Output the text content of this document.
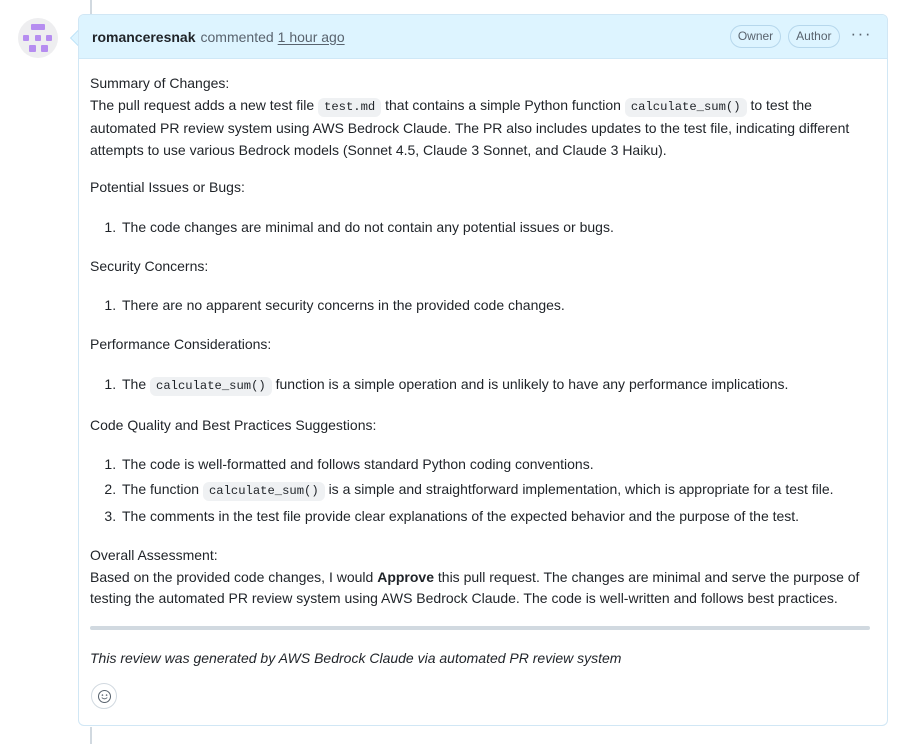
romanceresnak commented 1 hour ago	Owner	Author	···

Summary of Changes:

The pull request adds a new test file test.md that contains a simple Python function calculate_sum() to test the automated PR review system using AWS Bedrock Claude. The PR also includes updates to the test file, indicating different attempts to use various Bedrock models (Sonnet 4.5, Claude 3 Sonnet, and Claude 3 Haiku).

Potential Issues or Bugs:

1. The code changes are minimal and do not contain any potential issues or bugs.

Security Concerns:

1. There are no apparent security concerns in the provided code changes.

Performance Considerations:

1. The calculate_sum() function is a simple operation and is unlikely to have any performance implications.

Code Quality and Best Practices Suggestions:

1. The code is well-formatted and follows standard Python coding conventions.
2. The function calculate_sum() is a simple and straightforward implementation, which is appropriate for a test file.
3. The comments in the test file provide clear explanations of the expected behavior and the purpose of the test.

Overall Assessment:

Based on the provided code changes, I would Approve this pull request. The changes are minimal and serve the purpose of testing the automated PR review system using AWS Bedrock Claude. The code is well-written and follows best practices.

This review was generated by AWS Bedrock Claude via automated PR review system
